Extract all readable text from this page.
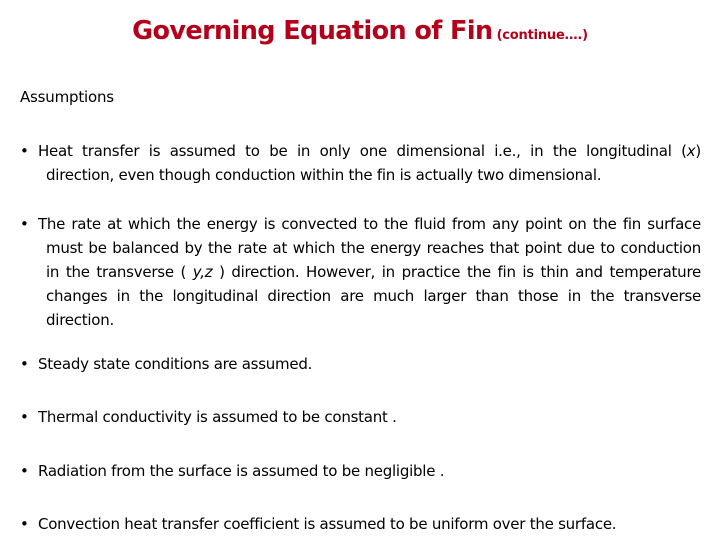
Governing Equation of Fin (continue….)
Assumptions
• Heat transfer is assumed to be in only one dimensional i.e., in the longitudinal (x) direction, even though conduction within the fin is actually two dimensional.
• The rate at which the energy is convected to the fluid from any point on the fin surface must be balanced by the rate at which the energy reaches that point due to conduction in the transverse ( y,z ) direction. However, in practice the fin is thin and temperature changes in the longitudinal direction are much larger than those in the transverse direction.
• Steady state conditions are assumed.
• Thermal conductivity is assumed to be constant .
• Radiation from the surface is assumed to be negligible .
• Convection heat transfer coefficient is assumed to be uniform over the surface.
